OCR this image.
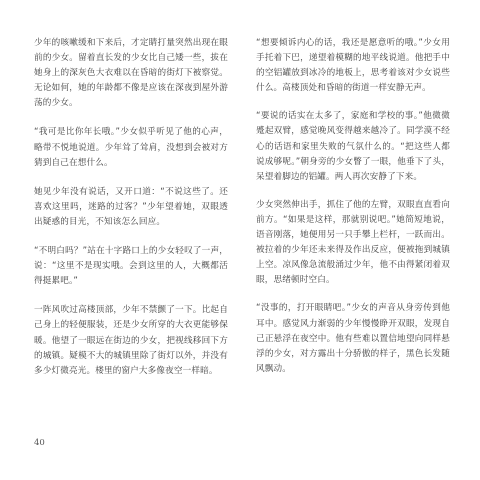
少年的咳嗽缓和下来后，才定睛打量突然出现在眼前的少女。留着直长发的少女比自己矮一些，拔在她身上的深灰色大衣难以在昏暗的街灯下被察觉。无论如何，她的年龄都不像是应该在深夜到屋外游荡的少女。

“我可是比你年长哦。”少女似乎听见了他的心声，略带不悦地说道。少年耸了耸肩，没想到会被对方猜到自己在想什么。

她见少年没有说话，又开口道：“不说这些了。还喜欢这里吗，迷路的过客？”少年望着她，双眼透出疑惑的目光，不知该怎么回应。

“不明白吗？”站在十字路口上的少女轻叹了一声，说：“这里不是现实哦。会到这里的人，大概都活得挺累吧。”

一阵风吹过高楼顶部，少年不禁颤了一下。比起自己身上的轻便服装，还是少女所穿的大衣更能够保暖。他望了一眼远在街边的少女，把视线移回下方的城镇。疑模不大的城镇里除了街灯以外，并没有多少灯微亮光。楼里的窗户大多像夜空一样暗。

“想要倾诉内心的话，我还是愿意听的哦。”少女用手托着下巴，递望着模糊的地平线说道。他把手中的空铝罐放到冰冷的地板上，思考着该对少女说些什么。高楼顶处和昏暗的街道一样安静无声。

“要说的话实在太多了，家庭和学校的事。”他微微蹙起双臂，感觉晚风变得越来越冷了。同学漠不经心的话语和家里失败的气氛什么的。“把这些人都说成够呢。”朝身旁的少女瞥了一眼，他垂下了头，呆望着脚边的铝罐。两人再次安静了下来。

少女突然伸出手，抓住了他的左臂，双眼直直看向前方。“如果是这样，那就别说吧。”她简短地说，语音刚落，她便用另一只手攀上栏杆，一跃而出。被拉着的少年还未来得及作出反应，便被拖到城镇上空。凉风像急流般涌过少年，他不由得紧闭着双眼，思绪顿时空白。

“没事的，打开眼睛吧。”少女的声音从身旁传到他耳中。感觉风力渐弱的少年慢慢睁开双眼，发现自己正悬浮在夜空中。他有些难以置信地望向同样悬浮的少女，对方露出十分骄傲的样子，黑色长发随风飘动。

40
